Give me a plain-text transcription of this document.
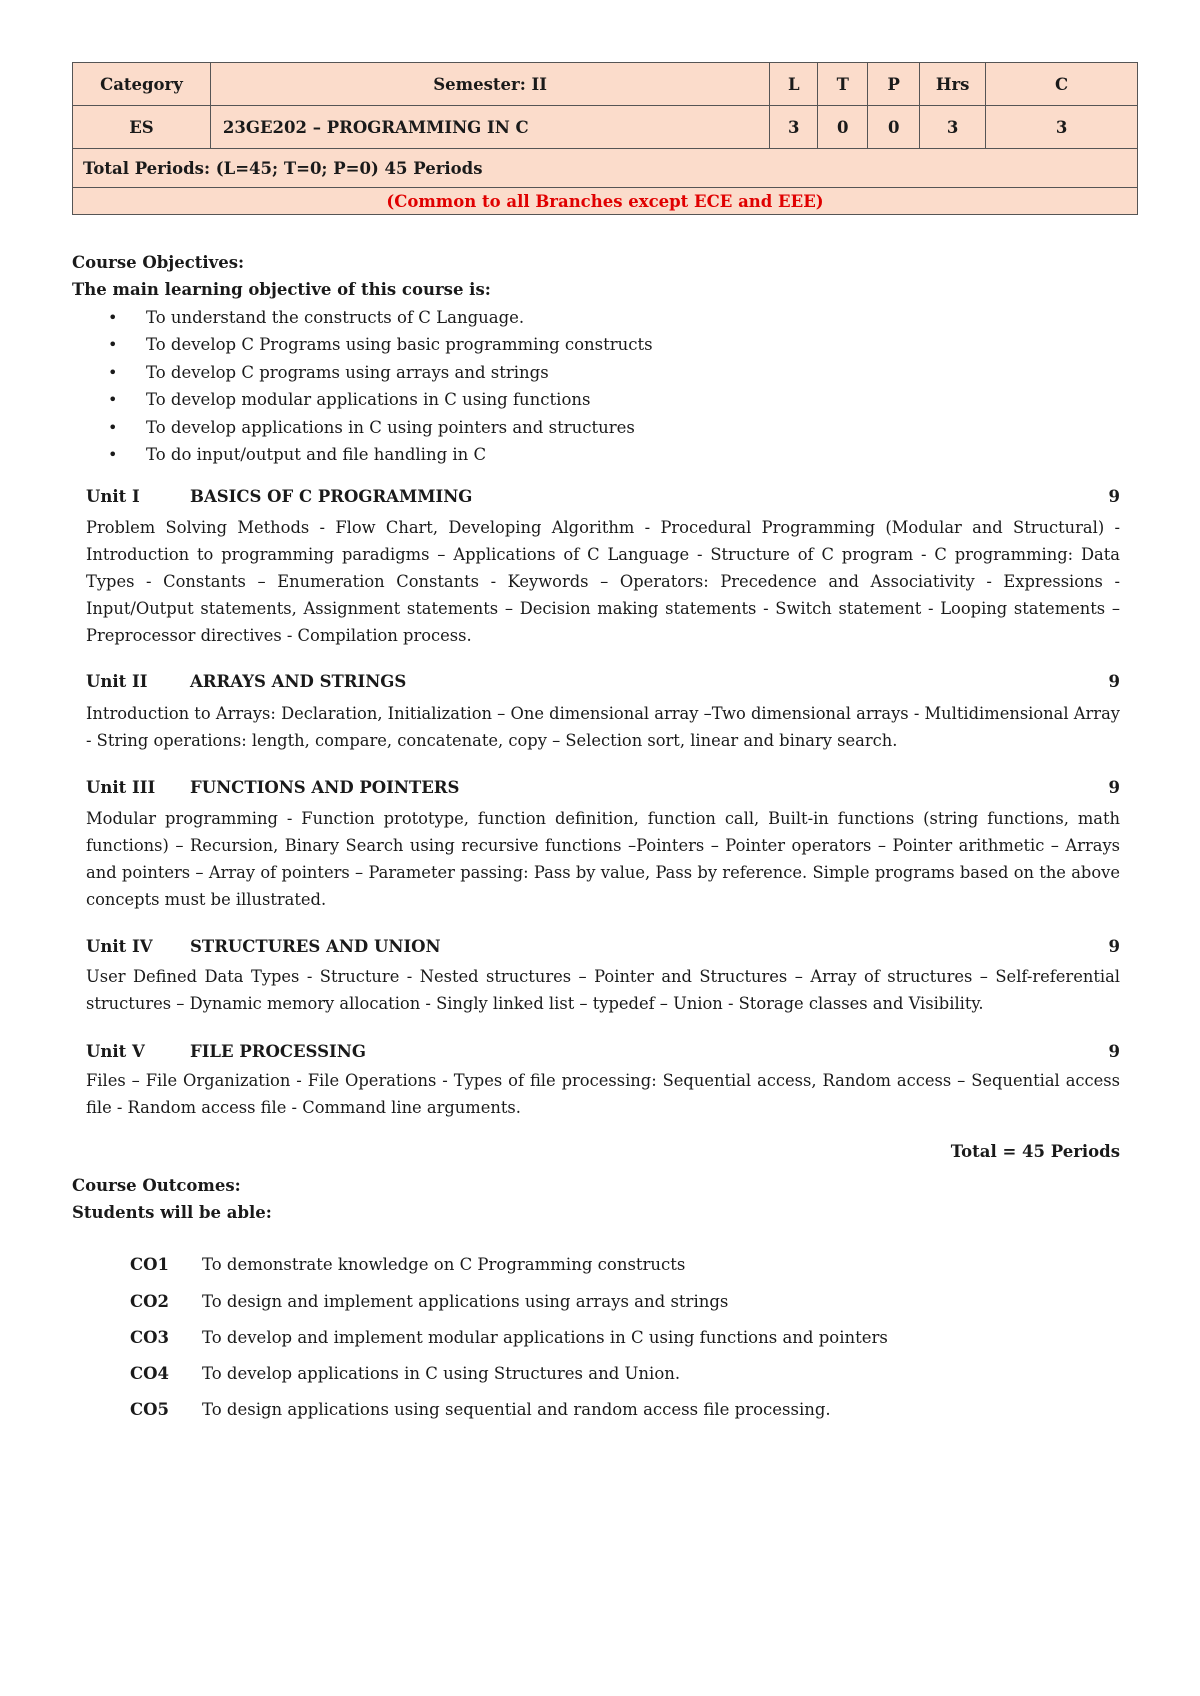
Category	Semester: II	L	T	P	Hrs	C
ES	23GE202 – PROGRAMMING IN C	3	0	0	3	3
Total Periods: (L=45; T=0; P=0) 45 Periods						
(Common to all Branches except ECE and EEE)						
Course Objectives:
The main learning objective of this course is:
• To understand the constructs of C Language.
• To develop C Programs using basic programming constructs
• To develop C programs using arrays and strings
• To develop modular applications in C using functions
• To develop applications in C using pointers and structures
• To do input/output and file handling in C
Unit I	BASICS OF C PROGRAMMING	9
Problem Solving Methods - Flow Chart, Developing Algorithm - Procedural Programming (Modular and Structural) - Introduction to programming paradigms – Applications of C Language - Structure of C program - C programming: Data Types - Constants – Enumeration Constants - Keywords – Operators: Precedence and Associativity - Expressions - Input/Output statements, Assignment statements – Decision making statements - Switch statement - Looping statements – Preprocessor directives - Compilation process.
Unit II	ARRAYS AND STRINGS	9
Introduction to Arrays: Declaration, Initialization – One dimensional array –Two dimensional arrays - Multidimensional Array - String operations: length, compare, concatenate, copy – Selection sort, linear and binary search.
Unit III FUNCTIONS AND POINTERS	9
Modular programming - Function prototype, function definition, function call, Built-in functions (string functions, math functions) – Recursion, Binary Search using recursive functions –Pointers – Pointer operators – Pointer arithmetic – Arrays and pointers – Array of pointers – Parameter passing: Pass by value, Pass by reference. Simple programs based on the above concepts must be illustrated.
Unit IV STRUCTURES AND UNION	9
User Defined Data Types - Structure - Nested structures – Pointer and Structures – Array of structures – Self-referential structures – Dynamic memory allocation - Singly linked list – typedef – Union - Storage classes and Visibility.
Unit V	FILE PROCESSING	9
Files – File Organization - File Operations - Types of file processing: Sequential access, Random access – Sequential access file - Random access file - Command line arguments.
Total = 45 Periods
Course Outcomes:
Students will be able:
CO1 To demonstrate knowledge on C Programming constructs
CO2 To design and implement applications using arrays and strings
CO3 To develop and implement modular applications in C using functions and pointers
CO4 To develop applications in C using Structures and Union.
CO5 To design applications using sequential and random access file processing.
